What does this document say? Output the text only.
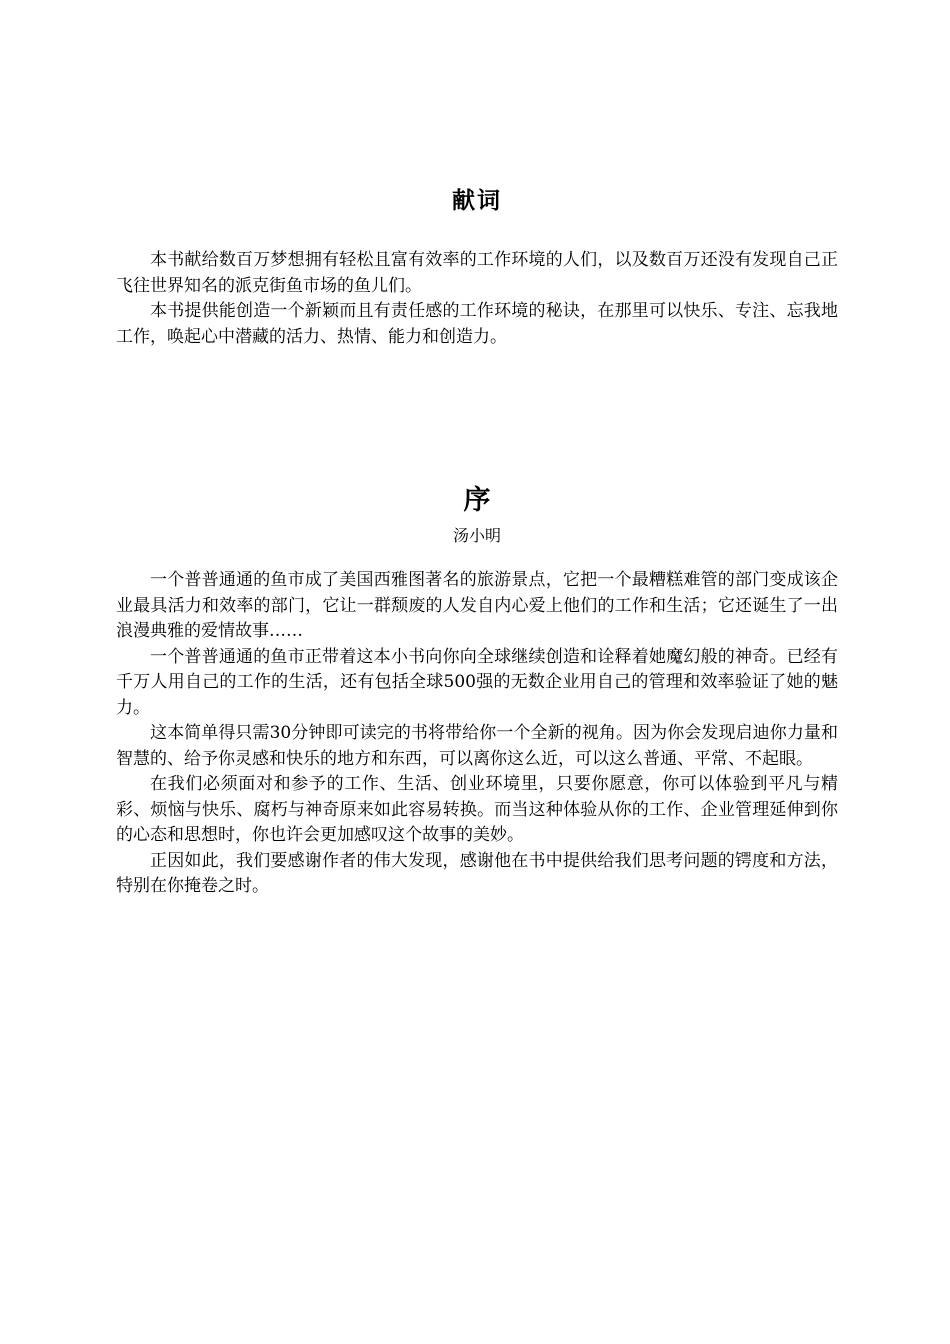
献词

本书献给数百万梦想拥有轻松且富有效率的工作环境的人们，以及数百万还没有发现自己正飞往世界知名的派克街鱼市场的鱼儿们。

本书提供能创造一个新颖而且有责任感的工作环境的秘诀，在那里可以快乐、专注、忘我地工作，唤起心中潜藏的活力、热情、能力和创造力。

序

汤小明

一个普普通通的鱼市成了美国西雅图著名的旅游景点，它把一个最糟糕难管的部门变成该企业最具活力和效率的部门，它让一群颓废的人发自内心爱上他们的工作和生活；它还诞生了一出浪漫典雅的爱情故事……

一个普普通通的鱼市正带着这本小书向你向全球继续创造和诠释着她魔幻般的神奇。已经有千万人用自己的工作的生活，还有包括全球500强的无数企业用自己的管理和效率验证了她的魅力。

这本简单得只需30分钟即可读完的书将带给你一个全新的视角。因为你会发现启迪你力量和智慧的、给予你灵感和快乐的地方和东西，可以离你这么近，可以这么普通、平常、不起眼。

在我们必须面对和参予的工作、生活、创业环境里，只要你愿意，你可以体验到平凡与精彩、烦恼与快乐、腐朽与神奇原来如此容易转换。而当这种体验从你的工作、企业管理延伸到你的心态和思想时，你也许会更加感叹这个故事的美妙。

正因如此，我们要感谢作者的伟大发现，感谢他在书中提供给我们思考问题的锷度和方法，特别在你掩卷之时。
